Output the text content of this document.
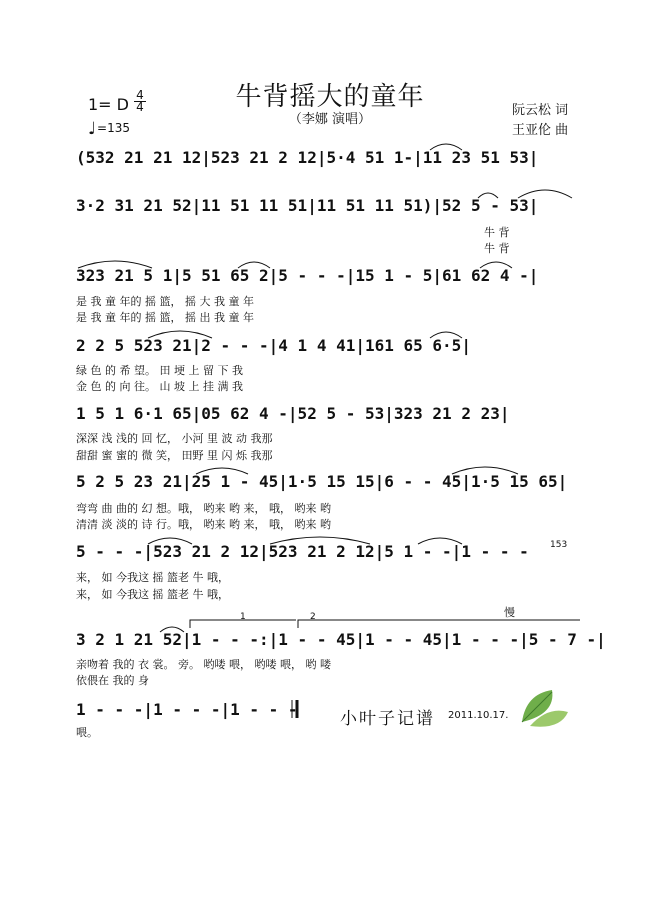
牛背摇大的童年
（李娜 演唱）
1= D 4
4
♩=135
阮云松 词
王亚伦 曲
(532 21 21 12|523 21 2 12|5·4 51 1-|11 23 51 53|
3·2 31 21 52|11 51 11 51|11 51 11 51)|52 5 - 53|
牛 背
牛 背
323 21 5 1|5 51 65 2|5 - - -|15 1 - 5|61 62 4 -|
是 我 童 年的 摇 篮， 摇 大 我 童 年
是 我 童 年的 摇 篮， 摇 出 我 童 年
2 2 5 523 21|2 - - -|4 1 4 41|161 65 6·5|
绿 色 的 希 望。 田 埂 上 留 下 我
金 色 的 向 往。 山 坡 上 挂 满 我
1 5 1 6·1 65|05 62 4 -|52 5 - 53|323 21 2 23|
深深 浅 浅的 回 忆， 小河 里 波 动 我那
甜甜 蜜 蜜的 微 笑， 田野 里 闪 烁 我那
5 2 5 23 21|25 1 - 45|1·5 15 15|6 - - 45|1·5 15 65|
弯弯 曲 曲的 幻 想。哦， 哟来 哟 来， 哦， 哟来 哟
清清 淡 淡的 诗 行。哦， 哟来 哟 来， 哦， 哟来 哟
5 - - -|523 21 2 12|523 21 2 12|5 1 - -|1 - - -
来， 如 今我这 摇 篮老 牛 哦，
来， 如 今我这 摇 篮老 牛 哦，
153
慢
1	2
3 2 1 21 52|1 - - -:|1 - - 45|1 - - 45|1 - - -|5 - 7 -|
亲吻着 我的 衣 裳。 旁。 哟喽 喂， 哟喽 喂， 哟 喽
依偎在 我的 身
1 - - -|1 - - -|1 - - -
喂。
小叶子记谱 2011.10.17.
